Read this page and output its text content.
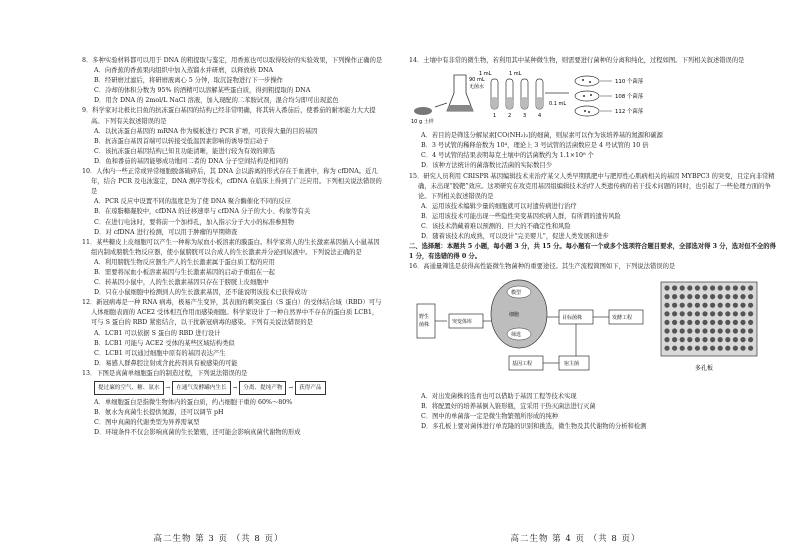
8．多种实验材料都可以用于 DNA 的粗提取与鉴定，用香蕉也可以取得较好的实验效果，下列操作正确的是

A．向香蕉的香蕉果肉组织中加入蒸馏水并研磨，以释放核 DNA

B．经研磨过滤后，将研磨液离心 5 分钟，取沉淀物进行下一步操作

C．冷却的体积分数为 95% 的酒精可以溶解某些蛋白质，得到粗提取的 DNA

D．用含 DNA 的 2mol/L NaCl 溶液，加入现配的二苯胺试剂，混合均匀即可出现蓝色

9．科学家对北极比目鱼的抗冻蛋白基因的结构已经非常明确，将其转入番茄后，使番茄的耐寒能力大大提高。下列有关叙述错误的是

A．以抗冻蛋白基因的 mRNA 作为模板进行 PCR 扩增，可获得大量的目的基因

B．抗冻蛋白基因首端可以转接受低温因素影响的诱导型启动子

C．该抗冻蛋白基因结构已知且功能清晰，能进行较为有效的筛选

D．鱼和番茄的基因能够成功地同二者的 DNA 分子空间结构是相同的

10．人体内一些正常或异常细胞脱落破碎后，其 DNA 会以游离的形式存在于血液中，称为 cfDNA。近几年，结合 PCR 及电泳鉴定，DNA 测序等技术，cfDNA 在临床上得到了广泛应用。下列相关说法错误的是

A．PCR 反应中设置不同的温度是为了使 DNA 聚合酶催化不同的反应

B．在琼脂糖凝胶中，cfDNA 的迁移速率与 cfDNA 分子的大小、构象等有关

C．在进行电泳时，要将前一个加样孔，加入指示分子大小的标准参照物

D．对 cfDNA 进行检测，可以用于肿瘤的早期筛查

11．某些糖皮上皮细胞可以产生一种称为尿血小板溶素的膜蛋白。科学家将人的生长激素基因插入小鼠基因组内制成膀胱生物反应器，使小鼠膀胱可以合成人的生长激素并分泌到尿液中。下列说法正确的是

A．利用膀胱生物反应器生产人的生长激素属于蛋白质工程的应用

B．需要将尿血小板溶素基因与生长激素基因的启动子重组在一起

C．转基因小鼠中，人的生长激素基因只存在于膀胱上皮细胞中

D．只在小鼠细胞中检测到人的生长激素基因，还不能说明该技术已获得成功

12．新冠病毒是一种 RNA 病毒，极易产生变异，其表面的刺突蛋白（S 蛋白）的受体结合域（RBD）可与人体细胞表面的 ACE2 受体相互作用而感染细胞。科学家设计了一种自然界中不存在的蛋白质 LCB1，可与 S 蛋白的 RBD 紧密结合，以干扰新冠病毒的感染。下列有关说法错误的是

A．LCB1 可以依据 S 蛋白的 RBD 进行设计

B．LCB1 可能与 ACE2 受体的某些区域结构类似

C．LCB1 可以通过细胞中原有的基因表达产生

D．易感人群鼻腔注射或含此药剂具有被感染的可能

13．下图是真菌单细胞蛋白的制造过程，下列说法错误的是

提过廉的空气、糖、氨水	→	在通气发酵罐内生长	→	分离、提纯产物	→	获得产品

A．单细胞蛋白是指微生物体内的蛋白质，约占细胞干重的 60%～80%

B．氨水为真菌生长提供氮源，还可以调节 pH

C．图中真菌的代谢类型为异养需氧型

D．环境条件不仅会影响真菌的生长繁殖，还可能会影响真菌代谢物的形成

高二生物 第 3 页 （共 8 页）

14．土壤中有非常的微生物，若利用其中某种微生物，则需要进行菌种的分离和纯化，过程如图。下列相关叙述错误的是

10 g 土样
90 mL
无菌水
1 2 3 4
1 mL	1 mL
0.1 mL
110 个菌落
108 个菌落
112 个菌落

A．若目的是筛选分解尿素[CO(NH₂)₂]的细菌，则尿素可以作为该培养基的氮源和碳源

B．3 号试管的稀释倍数为 10⁴，理论上 3 号试管的活菌数应是 4 号试管的 10 倍

C．4 号试管的结果表明每克土壤中的活菌数约为 1.1×10⁸ 个

D．该种方法统计的菌落数比活菌的实际数目少

15．研究人员利用 CRISPR 基因编辑技术来治疗某父人类早期肌肥中与肥厚性心肌病相关的基因 MYBPC3 的突变，且定向非常精确，未出现“脱靶”效应。这项研究在攻克用基因组编辑技术治疗人类遗传病的若干技术问题的同时，也引起了一些伦理方面的争论。下列相关叙述错误的是

A．运用该技术编辑少量的细胞就可以对遗传病进行治疗

B．运用该技术可能出现一些隐性突变基因疾病人群，有所谓的遗传风险

C．该技术潜藏着难以预测的、巨大的不确定性和风险

D．随着该技术的成熟，可以设计“完美婴儿”，促进人类发展和进步

二、选择题：本题共 5 小题，每小题 3 分，共 15 分。每小题有一个或多个选项符合题目要求，全部选对得 3 分，选对但不全的得 1 分，有选错的得 0 分。

16．高通量筛选是获得高性能微生物菌种的重要途径。其生产流程简图如下，下列说法错误的是

野生
菌株	突变体库
模型
细胞
筛选
目标菌株	发酵工程
宿主菌
基因工程
多孔板

A．对出发菌株的选育也可以借助于基因工程等技术实现

B．将配置好的培养基倒入锥形瓶，宜采用干热灭菌法进行灭菌

C．图中的单菌落一定是微生物繁殖所形成的纯种

D．多孔板上要对菌体进行单克隆的识别和挑选，微生物及其代谢物的分析和检测

高二生物 第 4 页 （共 8 页）
